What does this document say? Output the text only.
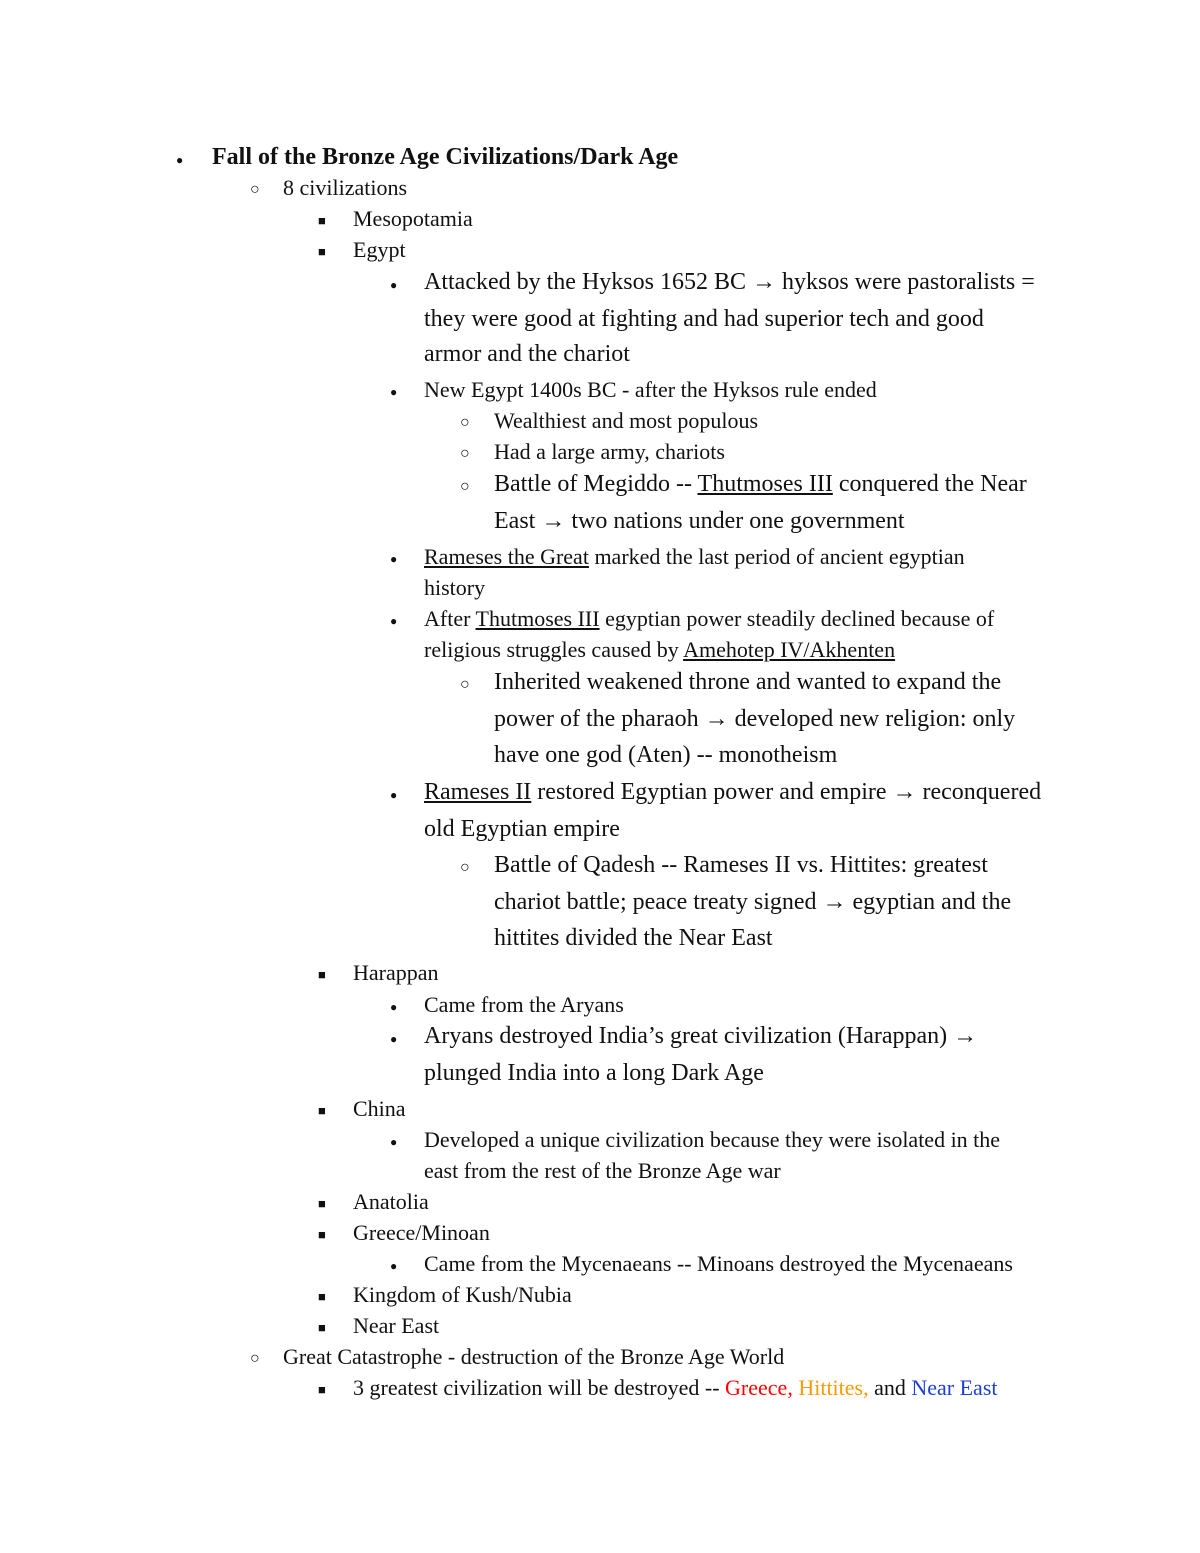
●
Fall of the Bronze Age Civilizations/Dark Age
○
8 civilizations
■
Mesopotamia
■
Egypt
●
Attacked by the Hyksos 1652 BC → hyksos were pastoralists =
they were good at fighting and had superior tech and good
armor and the chariot
●
New Egypt 1400s BC - after the Hyksos rule ended
○
Wealthiest and most populous
○
Had a large army, chariots
○
Battle of Megiddo -- Thutmoses III conquered the Near
East → two nations under one government
●
Rameses the Great marked the last period of ancient egyptian
history
●
After Thutmoses III egyptian power steadily declined because of
religious struggles caused by Amehotep IV/Akhenten
○
Inherited weakened throne and wanted to expand the
power of the pharaoh → developed new religion: only
have one god (Aten) -- monotheism
●
Rameses II restored Egyptian power and empire → reconquered
old Egyptian empire
○
Battle of Qadesh -- Rameses II vs. Hittites: greatest
chariot battle; peace treaty signed → egyptian and the
hittites divided the Near East
■
Harappan
●
Came from the Aryans
●
Aryans destroyed India’s great civilization (Harappan) →
plunged India into a long Dark Age
■
China
●
Developed a unique civilization because they were isolated in the
east from the rest of the Bronze Age war
■
Anatolia
■
Greece/Minoan
●
Came from the Mycenaeans -- Minoans destroyed the Mycenaeans
■
Kingdom of Kush/Nubia
■
Near East
○
Great Catastrophe - destruction of the Bronze Age World
■
3 greatest civilization will be destroyed -- Greece, Hittites, and Near East
